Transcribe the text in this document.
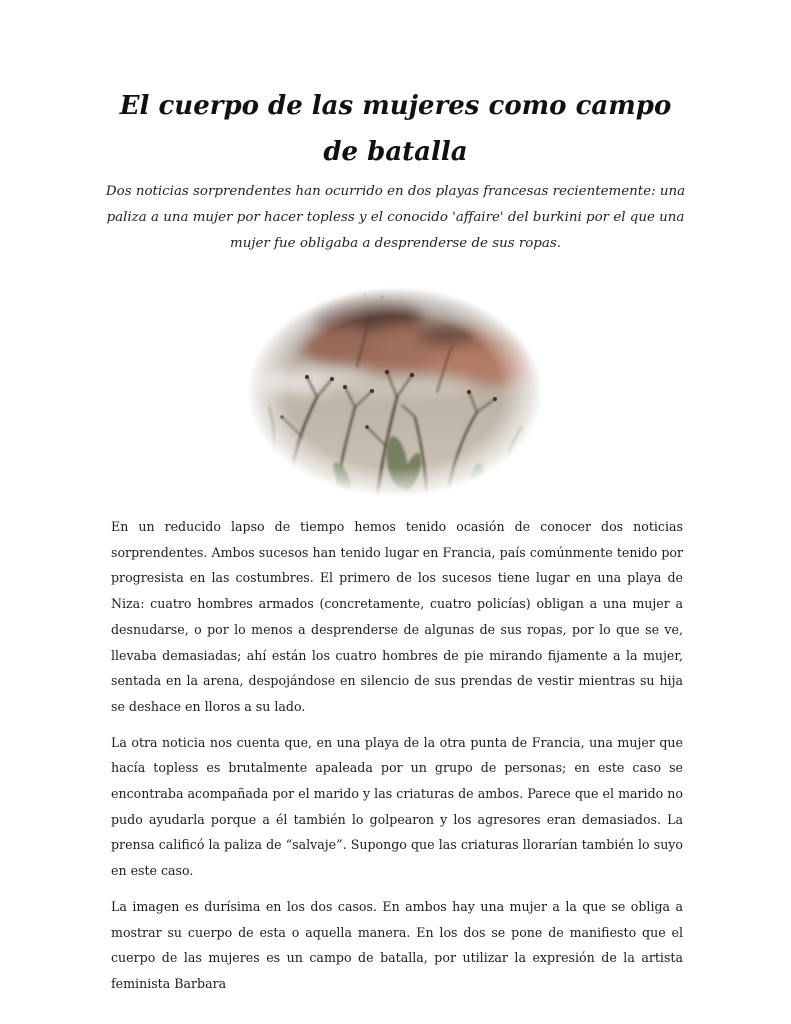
El cuerpo de las mujeres como campo de batalla

Dos noticias sorprendentes han ocurrido en dos playas francesas recientemente: una paliza a una mujer por hacer topless y el conocido 'affaire' del burkini por el que una mujer fue obligaba a desprenderse de sus ropas.

En un reducido lapso de tiempo hemos tenido ocasión de conocer dos noticias sorprendentes. Ambos sucesos han tenido lugar en Francia, país comúnmente tenido por progresista en las costumbres. El primero de los sucesos tiene lugar en una playa de Niza: cuatro hombres armados (concretamente, cuatro policías) obligan a una mujer a desnudarse, o por lo menos a desprenderse de algunas de sus ropas, por lo que se ve, llevaba demasiadas; ahí están los cuatro hombres de pie mirando fijamente a la mujer, sentada en la arena, despojándose en silencio de sus prendas de vestir mientras su hija se deshace en lloros a su lado.

La otra noticia nos cuenta que, en una playa de la otra punta de Francia, una mujer que hacía topless es brutalmente apaleada por un grupo de personas; en este caso se encontraba acompañada por el marido y las criaturas de ambos. Parece que el marido no pudo ayudarla porque a él también lo golpearon y los agresores eran demasiados. La prensa calificó la paliza de “salvaje”. Supongo que las criaturas llorarían también lo suyo en este caso.

La imagen es durísima en los dos casos. En ambos hay una mujer a la que se obliga a mostrar su cuerpo de esta o aquella manera. En los dos se pone de manifiesto que el cuerpo de las mujeres es un campo de batalla, por utilizar la expresión de la artista feminista Barbara
